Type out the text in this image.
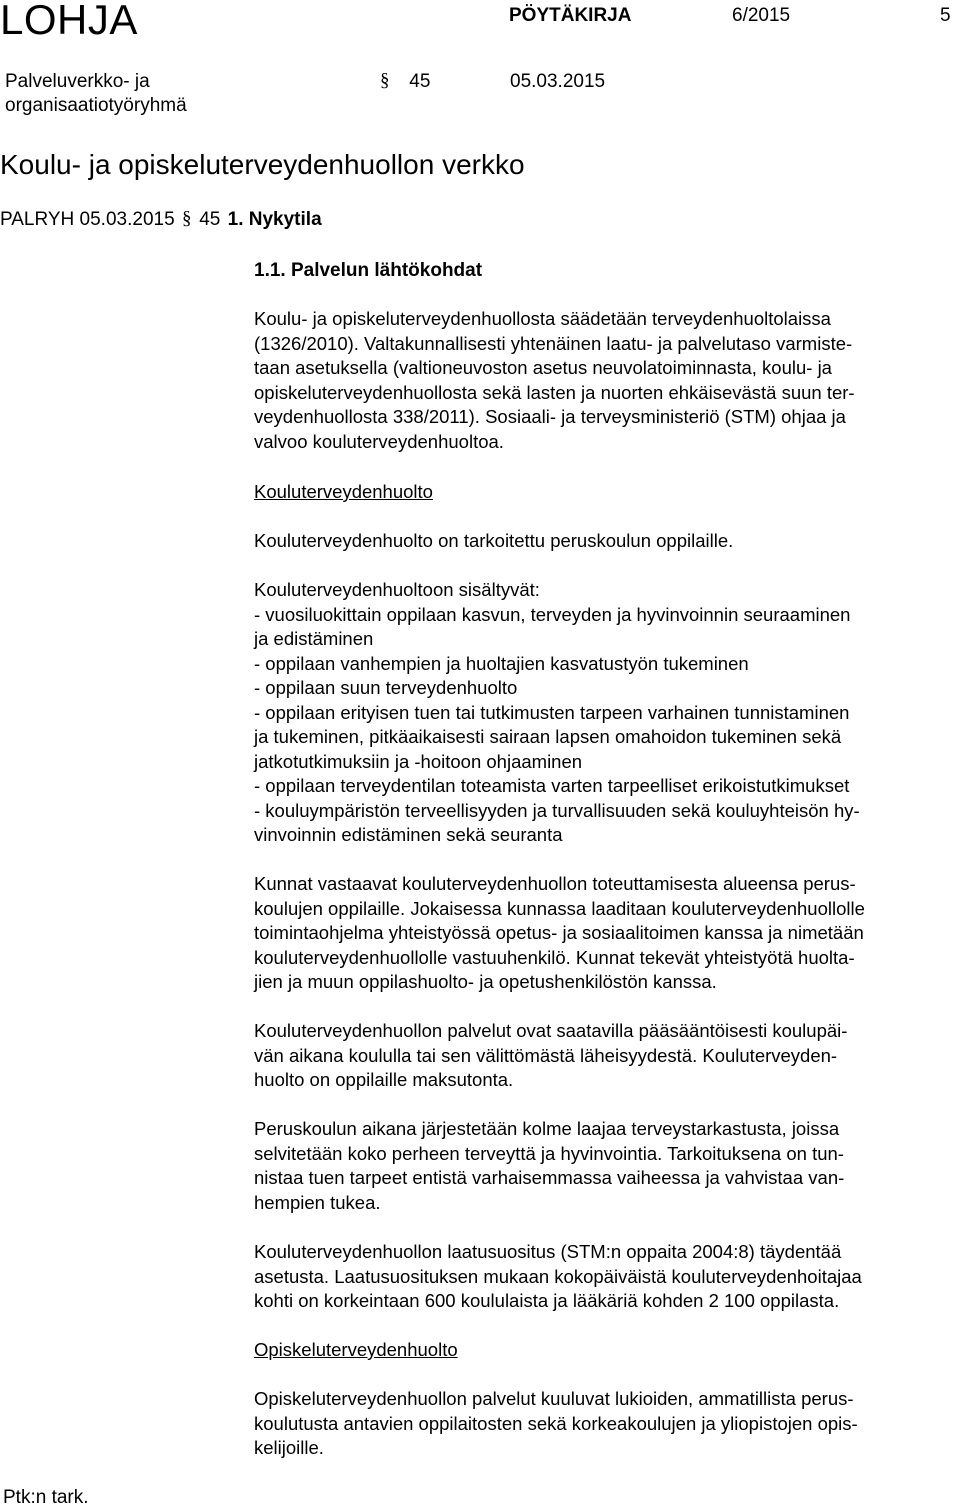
LOHJA	PÖYTÄKIRJA	6/2015	5
Palveluverkko- ja
organisaatiotyöryhmä
§ 45	05.03.2015
Koulu- ja opiskeluterveydenhuollon verkko
PALRYH 05.03.2015 § 45 1. Nykytila
1.1. Palvelun lähtökohdat
Koulu- ja opiskeluterveydenhuollosta säädetään terveydenhuoltolaissa
(1326/2010). Valtakunnallisesti yhtenäinen laatu- ja palvelutaso varmiste-
taan asetuksella (valtioneuvoston asetus neuvolatoiminnasta, koulu- ja
opiskeluterveydenhuollosta sekä lasten ja nuorten ehkäisevästä suun ter-
veydenhuollosta 338/2011). Sosiaali- ja terveysministeriö (STM) ohjaa ja
valvoo kouluterveydenhuoltoa.
Kouluterveydenhuolto
Kouluterveydenhuolto on tarkoitettu peruskoulun oppilaille.
Kouluterveydenhuoltoon sisältyvät:
- vuosiluokittain oppilaan kasvun, terveyden ja hyvinvoinnin seuraaminen
ja edistäminen
- oppilaan vanhempien ja huoltajien kasvatustyön tukeminen
- oppilaan suun terveydenhuolto
- oppilaan erityisen tuen tai tutkimusten tarpeen varhainen tunnistaminen
ja tukeminen, pitkäaikaisesti sairaan lapsen omahoidon tukeminen sekä
jatkotutkimuksiin ja -hoitoon ohjaaminen
- oppilaan terveydentilan toteamista varten tarpeelliset erikoistutkimukset
- kouluympäristön terveellisyyden ja turvallisuuden sekä kouluyhteisön hy-
vinvoinnin edistäminen sekä seuranta
Kunnat vastaavat kouluterveydenhuollon toteuttamisesta alueensa perus-
koulujen oppilaille. Jokaisessa kunnassa laaditaan kouluterveydenhuollolle
toimintaohjelma yhteistyössä opetus- ja sosiaalitoimen kanssa ja nimetään
kouluterveydenhuollolle vastuuhenkilö. Kunnat tekevät yhteistyötä huolta-
jien ja muun oppilashuolto- ja opetushenkilöstön kanssa.
Kouluterveydenhuollon palvelut ovat saatavilla pääsääntöisesti koulupäi-
vän aikana koululla tai sen välittömästä läheisyydestä. Kouluterveyden-
huolto on oppilaille maksutonta.
Peruskoulun aikana järjestetään kolme laajaa terveystarkastusta, joissa
selvitetään koko perheen terveyttä ja hyvinvointia. Tarkoituksena on tun-
nistaa tuen tarpeet entistä varhaisemmassa vaiheessa ja vahvistaa van-
hempien tukea.
Kouluterveydenhuollon laatusuositus (STM:n oppaita 2004:8) täydentää
asetusta. Laatusuosituksen mukaan kokopäiväistä kouluterveydenhoitajaa
kohti on korkeintaan 600 koululaista ja lääkäriä kohden 2 100 oppilasta.
Opiskeluterveydenhuolto
Opiskeluterveydenhuollon palvelut kuuluvat lukioiden, ammatillista perus-
koulutusta antavien oppilaitosten sekä korkeakoulujen ja yliopistojen opis-
kelijoille.
Ptk:n tark.
